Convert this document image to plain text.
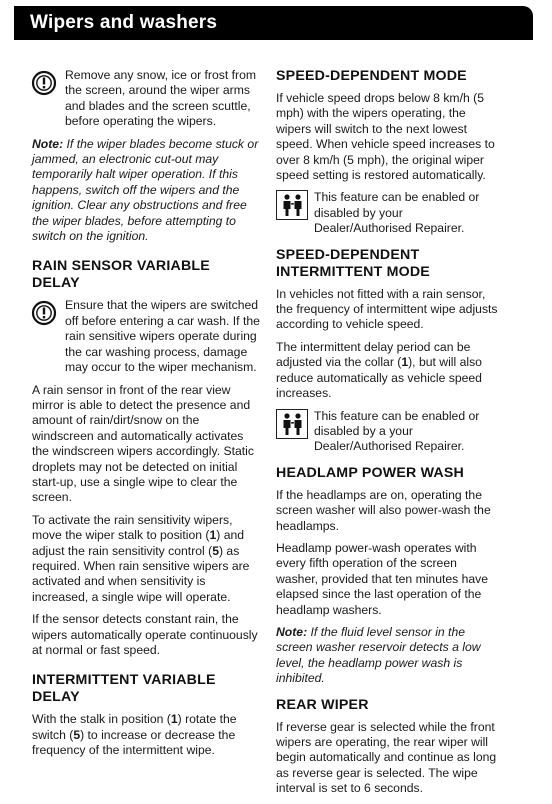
Wipers and washers
Remove any snow, ice or frost from the screen, around the wiper arms and blades and the screen scuttle, before operating the wipers.

Note: If the wiper blades become stuck or jammed, an electronic cut-out may temporarily halt wiper operation. If this happens, switch off the wipers and the ignition. Clear any obstructions and free the wiper blades, before attempting to switch on the ignition.

RAIN SENSOR VARIABLE DELAY
Ensure that the wipers are switched off before entering a car wash. If the rain sensitive wipers operate during the car washing process, damage may occur to the wiper mechanism.

A rain sensor in front of the rear view mirror is able to detect the presence and amount of rain/dirt/snow on the windscreen and automatically activates the windscreen wipers accordingly. Static droplets may not be detected on initial start-up, use a single wipe to clear the screen.

To activate the rain sensitivity wipers, move the wiper stalk to position (1) and adjust the rain sensitivity control (5) as required. When rain sensitive wipers are activated and when sensitivity is increased, a single wipe will operate.

If the sensor detects constant rain, the wipers automatically operate continuously at normal or fast speed.

INTERMITTENT VARIABLE DELAY

With the stalk in position (1) rotate the switch (5) to increase or decrease the frequency of the intermittent wipe.

SPEED-DEPENDENT MODE

If vehicle speed drops below 8 km/h (5 mph) with the wipers operating, the wipers will switch to the next lowest speed. When vehicle speed increases to over 8 km/h (5 mph), the original wiper speed setting is restored automatically.

This feature can be enabled or disabled by your Dealer/Authorised Repairer.
SPEED-DEPENDENT INTERMITTENT MODE

In vehicles not fitted with a rain sensor, the frequency of intermittent wipe adjusts according to vehicle speed.

The intermittent delay period can be adjusted via the collar (1), but will also reduce automatically as vehicle speed increases.

This feature can be enabled or disabled by a your Dealer/Authorised Repairer.
HEADLAMP POWER WASH

If the headlamps are on, operating the screen washer will also power-wash the headlamps.

Headlamp power-wash operates with every fifth operation of the screen washer, provided that ten minutes have elapsed since the last operation of the headlamp washers.

Note: If the fluid level sensor in the screen washer reservoir detects a low level, the headlamp power wash is inhibited.

REAR WIPER

If reverse gear is selected while the front wipers are operating, the rear wiper will begin automatically and continue as long as reverse gear is selected. The wipe interval is set to 6 seconds.
